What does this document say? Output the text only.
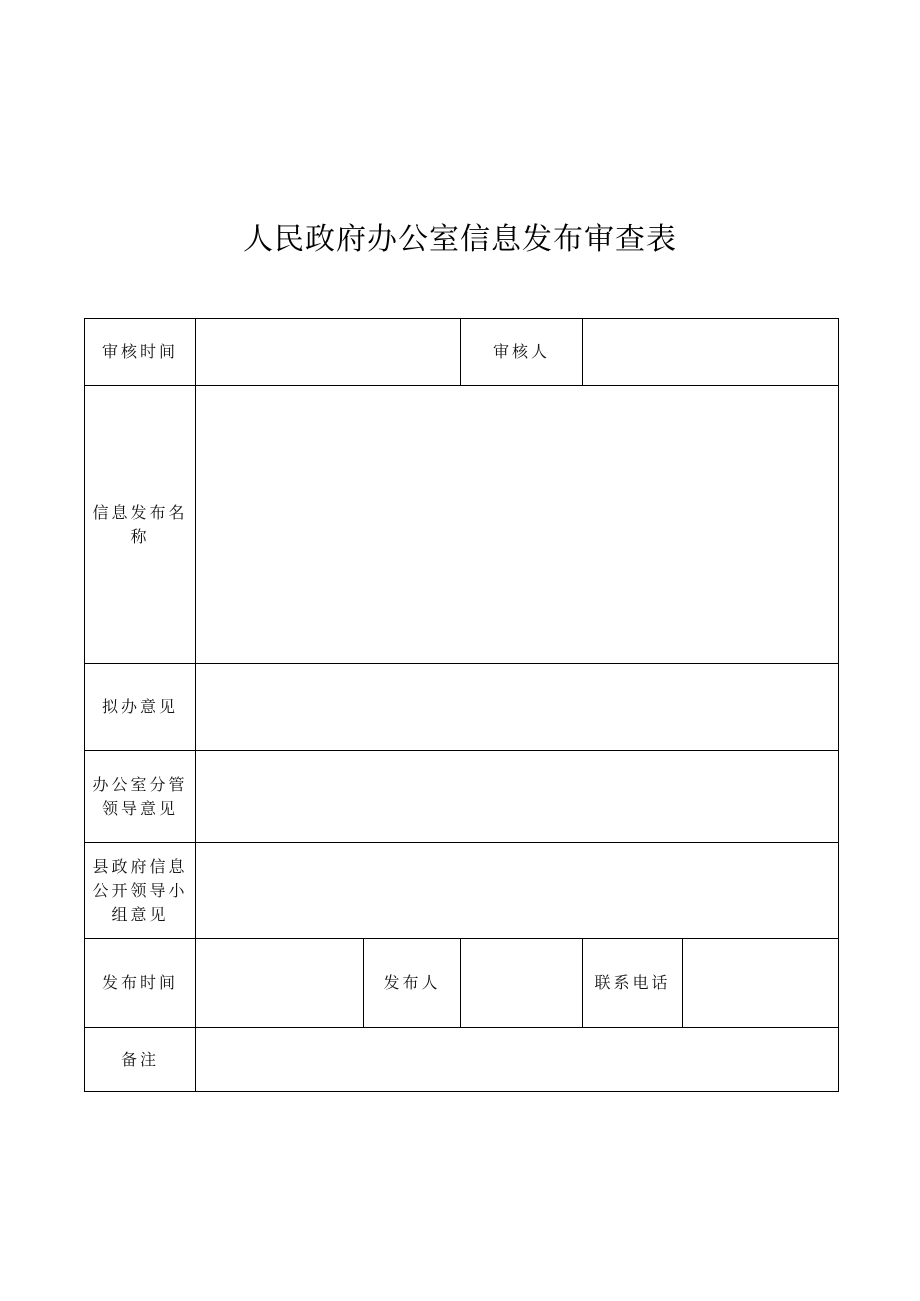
人民政府办公室信息发布审查表
审核时间			审核人		

信息发布名称					

拟办意见					

办公室分管领导意见					

县政府信息公开领导小组意见					

发布时间		发布人		联系电话	

备注					
